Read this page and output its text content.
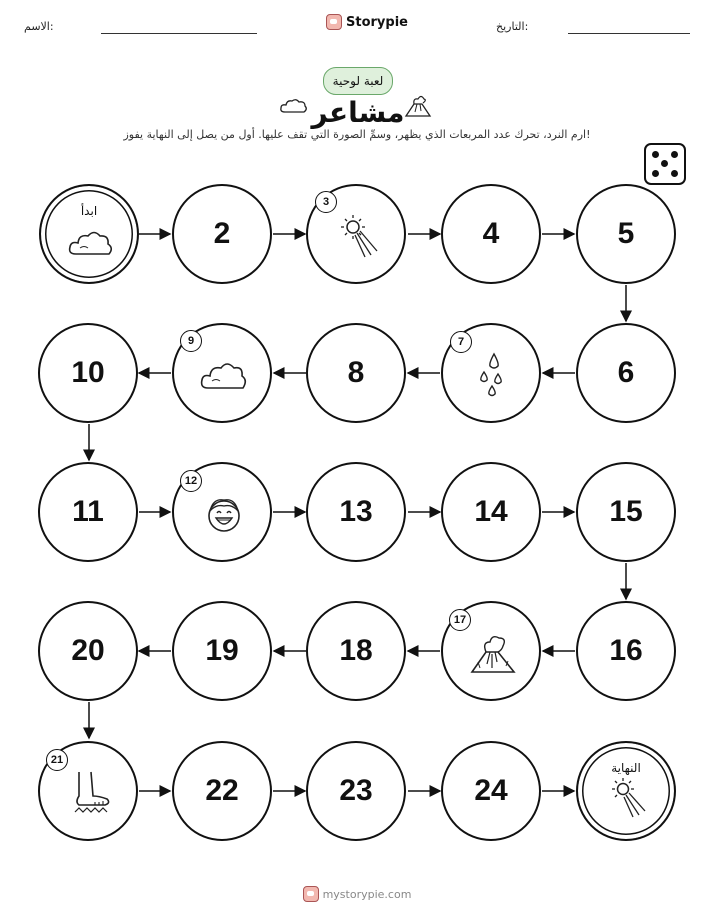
الاسم:	Storypie	التاريخ:
لعبة لوحية
مشاعر
ارم النرد، تحرك عدد المربعات الذي يظهر، وسمِّ الصورة التي تقف عليها. أول من يصل إلى النهاية يفوز!
ابدأ
2
3
4	5
6
7
8
9
10
11
12
13	14	15
16
17
18
19
20
21
22	23	24
النهاية
mystorypie.com
